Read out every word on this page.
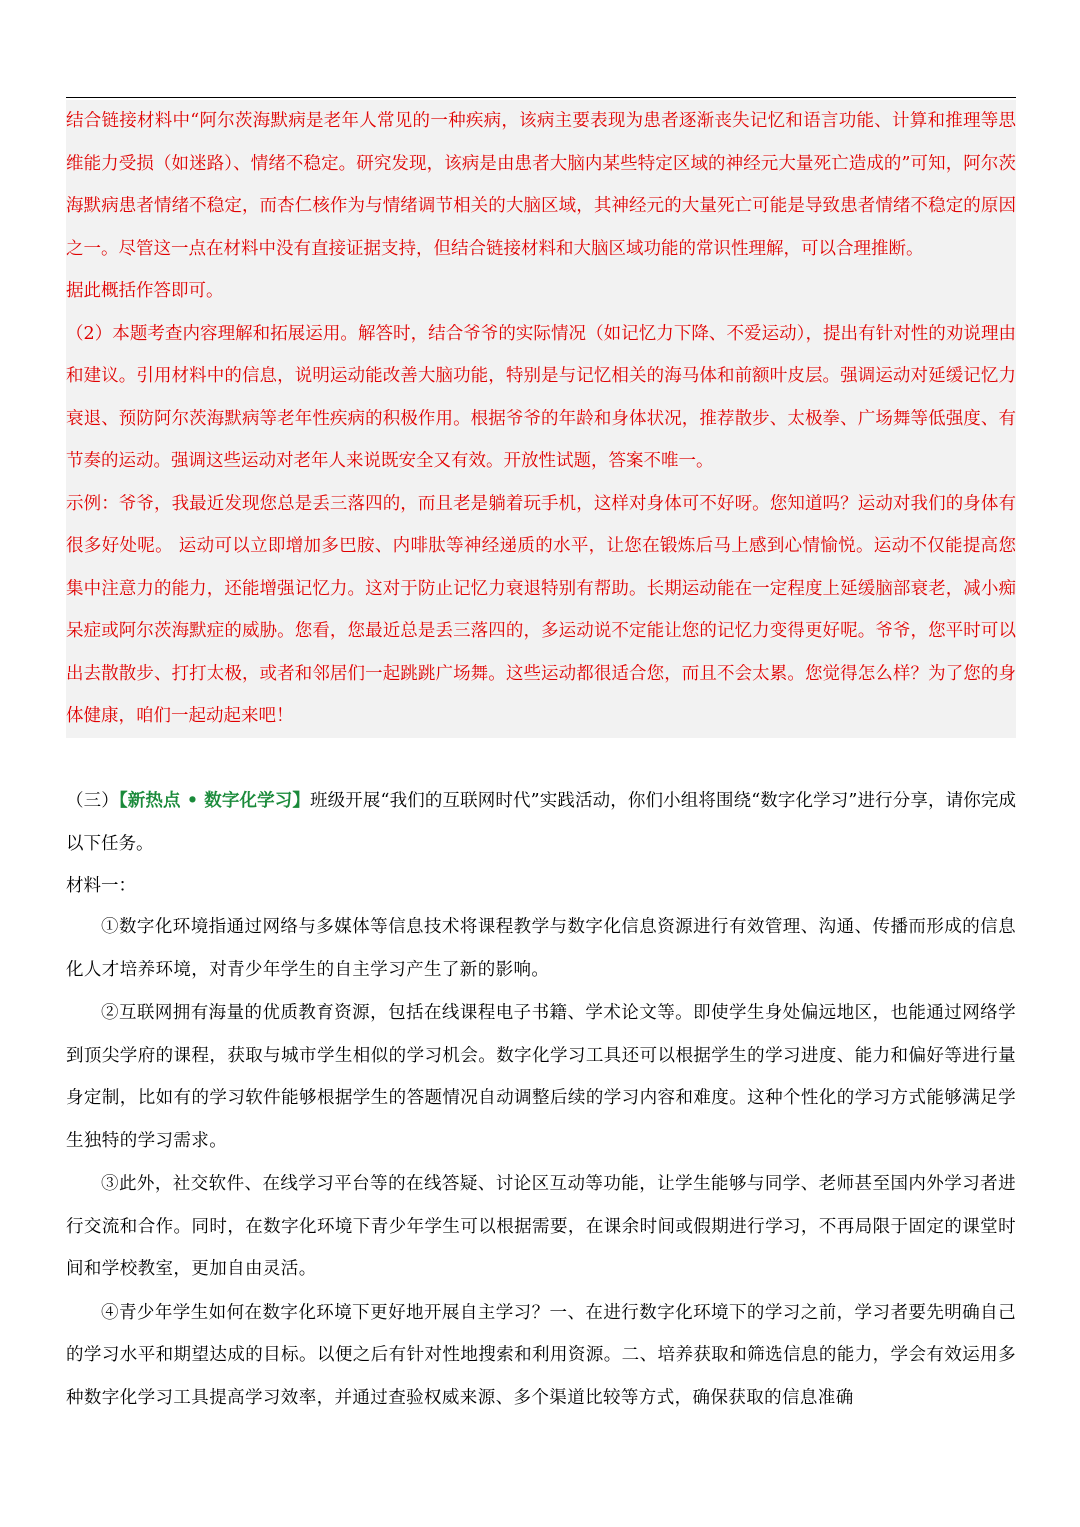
结合链接材料中“阿尔茨海默病是老年人常见的一种疾病，该病主要表现为患者逐渐丧失记忆和语言功能、计算和推理等思维能力受损（如迷路）、情绪不稳定。研究发现，该病是由患者大脑内某些特定区域的神经元大量死亡造成的”可知，阿尔茨海默病患者情绪不稳定，而杏仁核作为与情绪调节相关的大脑区域，其神经元的大量死亡可能是导致患者情绪不稳定的原因之一。尽管这一点在材料中没有直接证据支持，但结合链接材料和大脑区域功能的常识性理解，可以合理推断。

据此概括作答即可。

（2）本题考查内容理解和拓展运用。解答时，结合爷爷的实际情况（如记忆力下降、不爱运动），提出有针对性的劝说理由和建议。引用材料中的信息，说明运动能改善大脑功能，特别是与记忆相关的海马体和前额叶皮层。强调运动对延缓记忆力衰退、预防阿尔茨海默病等老年性疾病的积极作用。根据爷爷的年龄和身体状况，推荐散步、太极拳、广场舞等低强度、有节奏的运动。强调这些运动对老年人来说既安全又有效。开放性试题，答案不唯一。

示例：爷爷，我最近发现您总是丢三落四的，而且老是躺着玩手机，这样对身体可不好呀。您知道吗？运动对我们的身体有很多好处呢。 运动可以立即增加多巴胺、内啡肽等神经递质的水平，让您在锻炼后马上感到心情愉悦。运动不仅能提高您集中注意力的能力，还能增强记忆力。这对于防止记忆力衰退特别有帮助。长期运动能在一定程度上延缓脑部衰老，减小痴呆症或阿尔茨海默症的威胁。您看，您最近总是丢三落四的，多运动说不定能让您的记忆力变得更好呢。爷爷，您平时可以出去散散步、打打太极，或者和邻居们一起跳跳广场舞。这些运动都很适合您，而且不会太累。您觉得怎么样？为了您的身体健康，咱们一起动起来吧！

（三）【新热点 • 数字化学习】班级开展“我们的互联网时代”实践活动，你们小组将围绕“数字化学习”进行分享，请你完成以下任务。

材料一：

①数字化环境指通过网络与多媒体等信息技术将课程教学与数字化信息资源进行有效管理、沟通、传播而形成的信息化人才培养环境，对青少年学生的自主学习产生了新的影响。

②互联网拥有海量的优质教育资源，包括在线课程电子书籍、学术论文等。即使学生身处偏远地区，也能通过网络学到顶尖学府的课程，获取与城市学生相似的学习机会。数字化学习工具还可以根据学生的学习进度、能力和偏好等进行量身定制，比如有的学习软件能够根据学生的答题情况自动调整后续的学习内容和难度。这种个性化的学习方式能够满足学生独特的学习需求。

③此外，社交软件、在线学习平台等的在线答疑、讨论区互动等功能，让学生能够与同学、老师甚至国内外学习者进行交流和合作。同时，在数字化环境下青少年学生可以根据需要，在课余时间或假期进行学习，不再局限于固定的课堂时间和学校教室，更加自由灵活。

④青少年学生如何在数字化环境下更好地开展自主学习？一、在进行数字化环境下的学习之前，学习者要先明确自己的学习水平和期望达成的目标。以便之后有针对性地搜索和利用资源。二、培养获取和筛选信息的能力，学会有效运用多种数字化学习工具提高学习效率，并通过查验权威来源、多个渠道比较等方式，确保获取的信息准确
